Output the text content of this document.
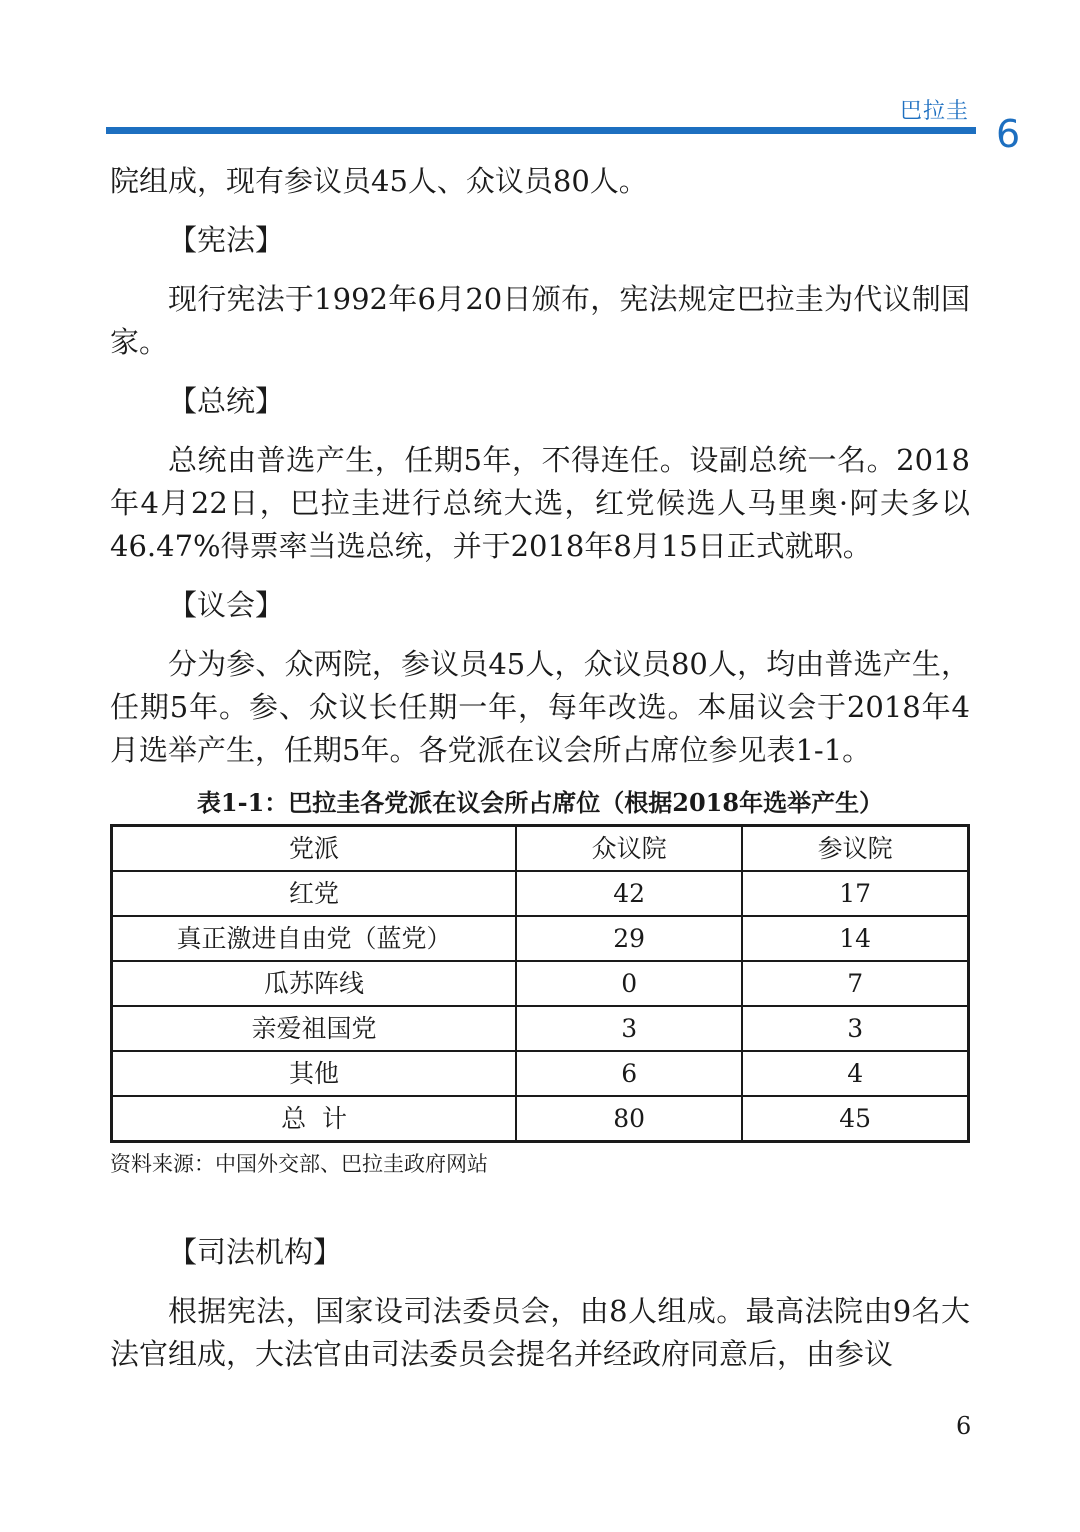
巴拉圭
6

院组成，现有参议员45人、众议员80人。

【宪法】

现行宪法于1992年6月20日颁布，宪法规定巴拉圭为代议制国家。

【总统】

总统由普选产生，任期5年，不得连任。设副总统一名。2018年4月22日，巴拉圭进行总统大选，红党候选人马里奥·阿夫多以46.47%得票率当选总统，并于2018年8月15日正式就职。

【议会】

分为参、众两院，参议员45人，众议员80人，均由普选产生，任期5年。参、众议长任期一年，每年改选。本届议会于2018年4月选举产生，任期5年。各党派在议会所占席位参见表1-1。

表1-1：巴拉圭各党派在议会所占席位（根据2018年选举产生）

党派	众议院	参议院
红党	42	17
真正激进自由党（蓝党）	29	14
瓜苏阵线	0	7
亲爱祖国党	3	3
其他	6	4
总  计	80	45

资料来源：中国外交部、巴拉圭政府网站

【司法机构】

根据宪法，国家设司法委员会，由8人组成。最高法院由9名大法官组成，大法官由司法委员会提名并经政府同意后，由参议

6
